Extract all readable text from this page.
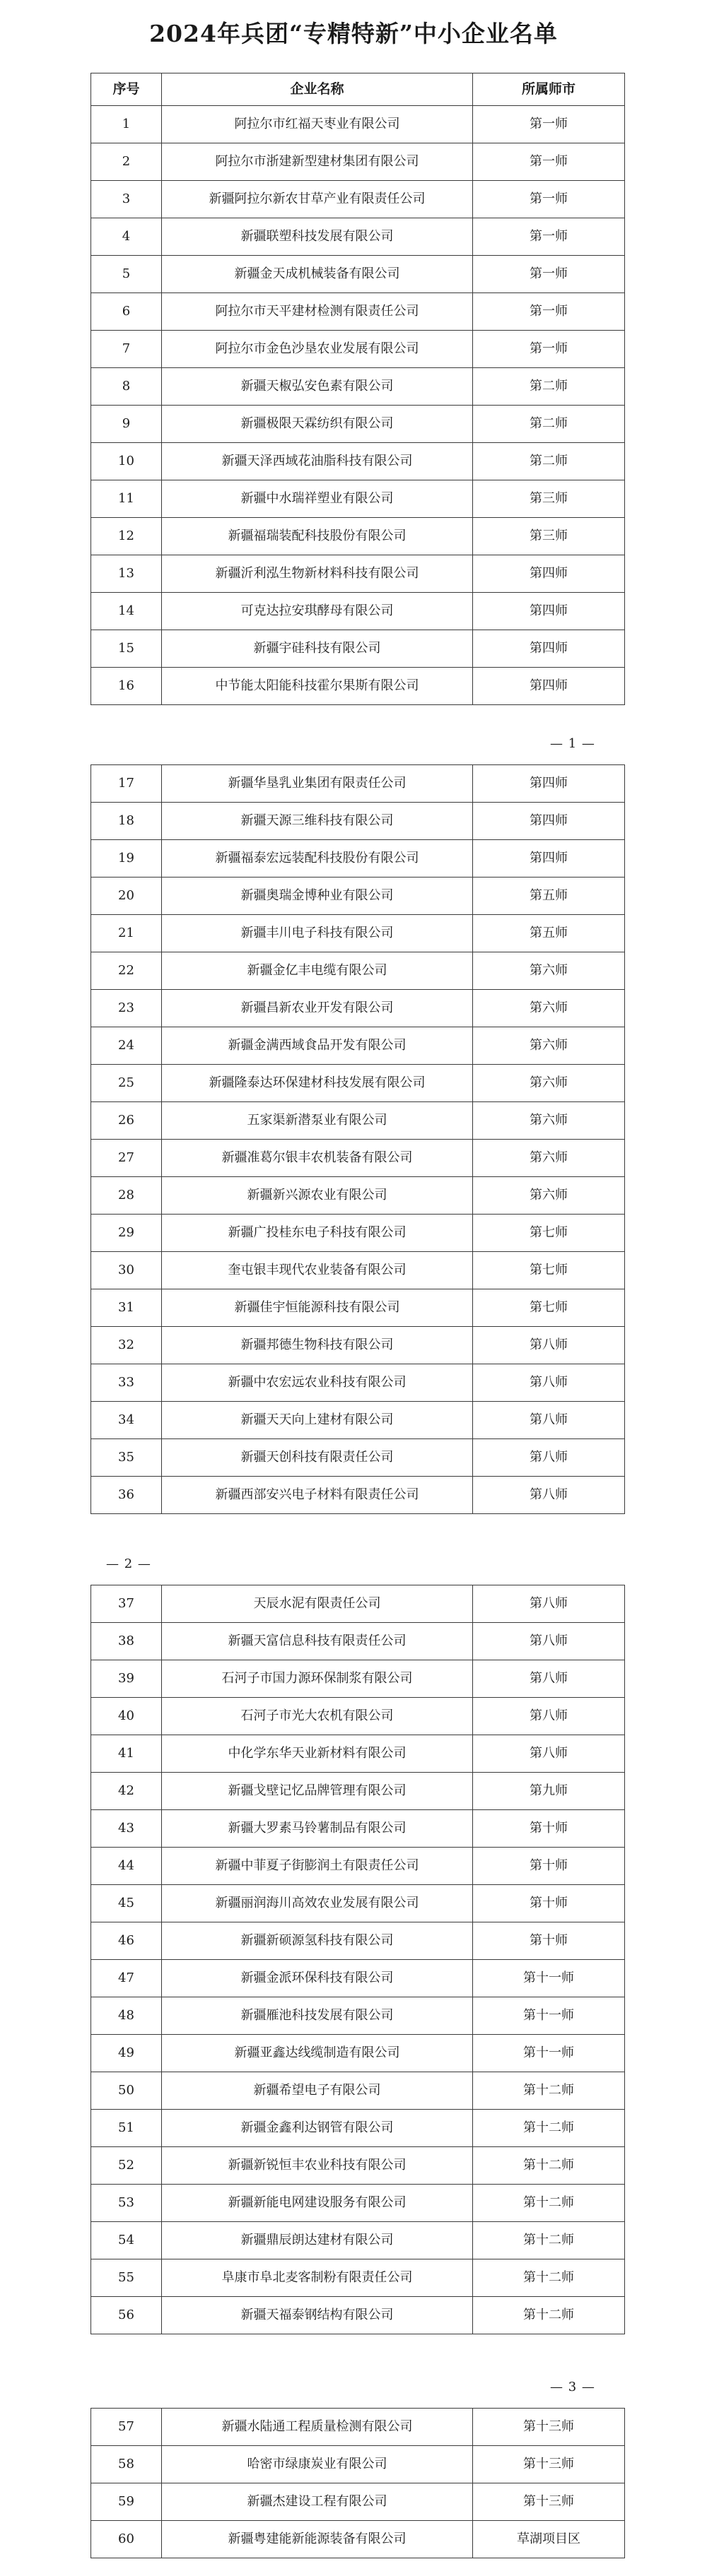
2024年兵团“专精特新”中小企业名单
序号	企业名称	所属师市
1	阿拉尔市红福天枣业有限公司	第一师
2	阿拉尔市浙建新型建材集团有限公司	第一师
3	新疆阿拉尔新农甘草产业有限责任公司	第一师
4	新疆联塑科技发展有限公司	第一师
5	新疆金天成机械装备有限公司	第一师
6	阿拉尔市天平建材检测有限责任公司	第一师
7	阿拉尔市金色沙垦农业发展有限公司	第一师
8	新疆天椒弘安色素有限公司	第二师
9	新疆极限天霖纺织有限公司	第二师
10	新疆天泽西域花油脂科技有限公司	第二师
11	新疆中水瑞祥塑业有限公司	第三师
12	新疆福瑞装配科技股份有限公司	第三师
13	新疆沂利泓生物新材料科技有限公司	第四师
14	可克达拉安琪酵母有限公司	第四师
15	新疆宇硅科技有限公司	第四师
16	中节能太阳能科技霍尔果斯有限公司	第四师
— 1 —
17	新疆华垦乳业集团有限责任公司	第四师
18	新疆天源三维科技有限公司	第四师
19	新疆福泰宏远装配科技股份有限公司	第四师
20	新疆奥瑞金博种业有限公司	第五师
21	新疆丰川电子科技有限公司	第五师
22	新疆金亿丰电缆有限公司	第六师
23	新疆昌新农业开发有限公司	第六师
24	新疆金满西域食品开发有限公司	第六师
25	新疆隆泰达环保建材科技发展有限公司	第六师
26	五家渠新潜泵业有限公司	第六师
27	新疆准葛尔银丰农机装备有限公司	第六师
28	新疆新兴源农业有限公司	第六师
29	新疆广投桂东电子科技有限公司	第七师
30	奎屯银丰现代农业装备有限公司	第七师
31	新疆佳宇恒能源科技有限公司	第七师
32	新疆邦德生物科技有限公司	第八师
33	新疆中农宏远农业科技有限公司	第八师
34	新疆天天向上建材有限公司	第八师
35	新疆天创科技有限责任公司	第八师
36	新疆西部安兴电子材料有限责任公司	第八师
— 2 —
37	天辰水泥有限责任公司	第八师
38	新疆天富信息科技有限责任公司	第八师
39	石河子市国力源环保制浆有限公司	第八师
40	石河子市光大农机有限公司	第八师
41	中化学东华天业新材料有限公司	第八师
42	新疆戈壁记忆品牌管理有限公司	第九师
43	新疆大罗素马铃薯制品有限公司	第十师
44	新疆中菲夏子街膨润土有限责任公司	第十师
45	新疆丽润海川高效农业发展有限公司	第十师
46	新疆新硕源氢科技有限公司	第十师
47	新疆金派环保科技有限公司	第十一师
48	新疆雁池科技发展有限公司	第十一师
49	新疆亚鑫达线缆制造有限公司	第十一师
50	新疆希望电子有限公司	第十二师
51	新疆金鑫利达钢管有限公司	第十二师
52	新疆新锐恒丰农业科技有限公司	第十二师
53	新疆新能电网建设服务有限公司	第十二师
54	新疆鼎辰朗达建材有限公司	第十二师
55	阜康市阜北麦客制粉有限责任公司	第十二师
56	新疆天福泰钢结构有限公司	第十二师
— 3 —
57	新疆水陆通工程质量检测有限公司	第十三师
58	哈密市绿康炭业有限公司	第十三师
59	新疆杰建设工程有限公司	第十三师
60	新疆粤建能新能源装备有限公司	草湖项目区
